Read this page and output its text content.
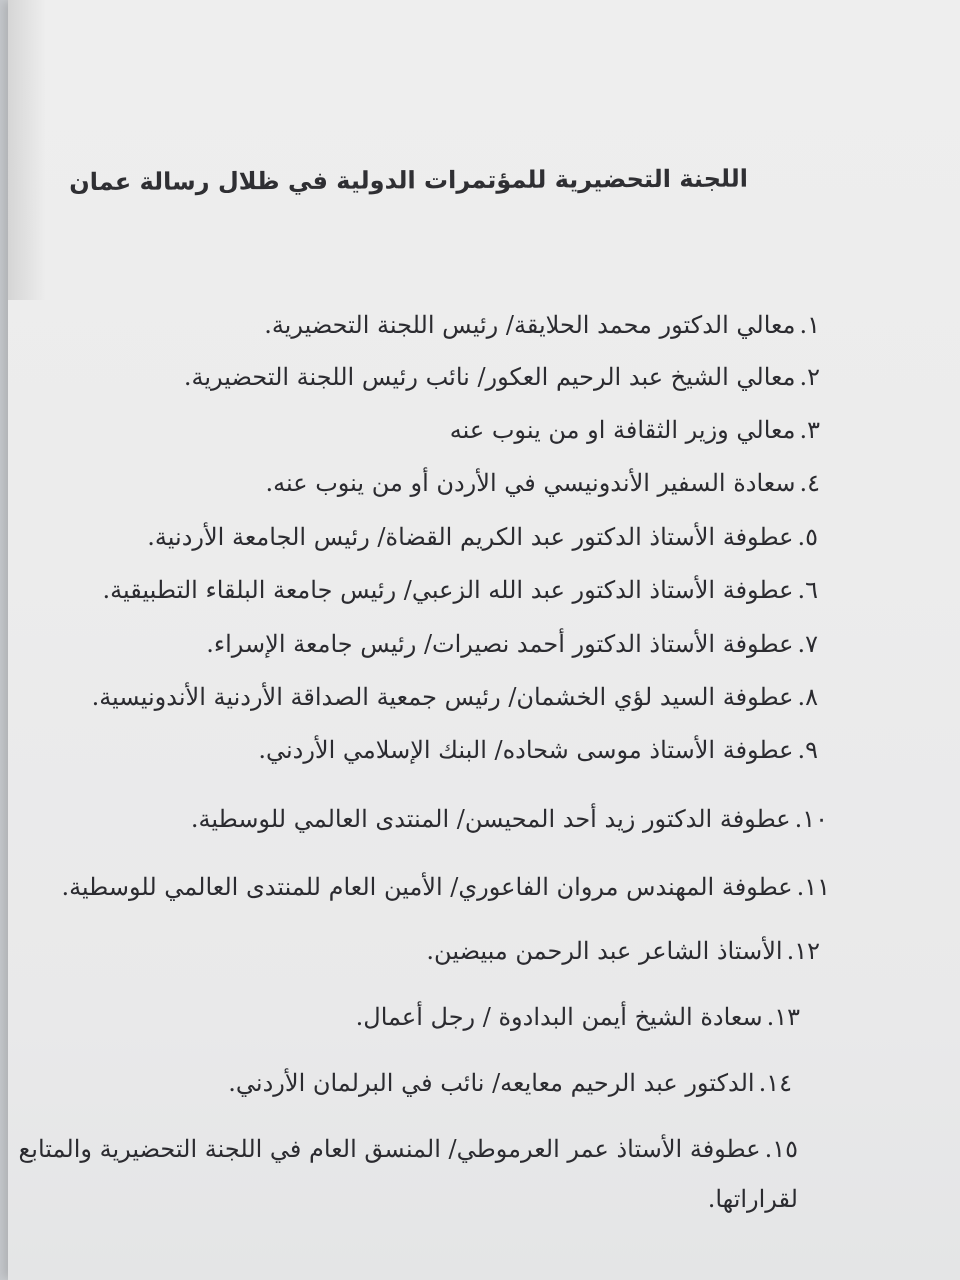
اللجنة التحضيرية للمؤتمرات الدولية في ظلال رسالة عمان
١.معالي الدكتور محمد الحلايقة/ رئيس اللجنة التحضيرية.
٢.معالي الشيخ عبد الرحيم العكور/ نائب رئيس اللجنة التحضيرية.
٣.معالي وزير الثقافة او من ينوب عنه
٤.سعادة السفير الأندونيسي في الأردن أو من ينوب عنه.
٥.عطوفة الأستاذ الدكتور عبد الكريم القضاة/ رئيس الجامعة الأردنية.
٦.عطوفة الأستاذ الدكتور عبد الله الزعبي/ رئيس جامعة البلقاء التطبيقية.
٧.عطوفة الأستاذ الدكتور أحمد نصيرات/ رئيس جامعة الإسراء.
٨.عطوفة السيد لؤي الخشمان/ رئيس جمعية الصداقة الأردنية الأندونيسية.
٩.عطوفة الأستاذ موسى شحاده/ البنك الإسلامي الأردني.
١٠.عطوفة الدكتور زيد أحد المحيسن/ المنتدى العالمي للوسطية.
١١.عطوفة المهندس مروان الفاعوري/ الأمين العام للمنتدى العالمي للوسطية.
١٢.الأستاذ الشاعر عبد الرحمن مبيضين.
١٣.سعادة الشيخ أيمن البدادوة / رجل أعمال.
١٤.الدكتور عبد الرحيم معايعه/ نائب في البرلمان الأردني.
١٥.عطوفة الأستاذ عمر العرموطي/ المنسق العام في اللجنة التحضيرية والمتابع لقراراتها.
